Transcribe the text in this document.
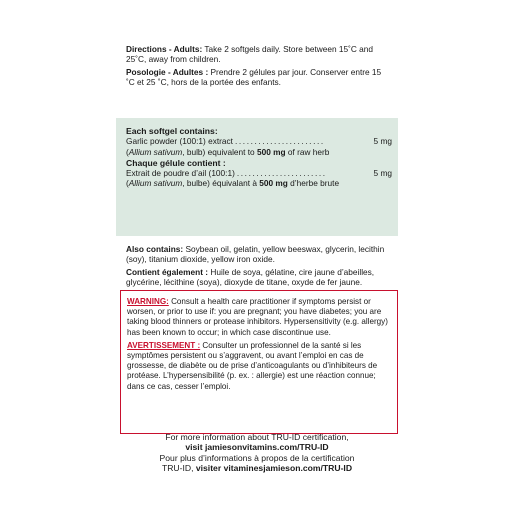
Directions - Adults: Take 2 softgels daily. Store between 15˚C and 25˚C, away from children.

Posologie - Adultes : Prendre 2 gélules par jour. Conserver entre 15 ˚C et 25 ˚C, hors de la portée des enfants.

Each softgel contains:
Garlic powder (100:1) extract .......................	5 mg
(Allium sativum, bulb) equivalent to 500 mg of raw herb
Chaque gélule contient :
Extrait de poudre d’ail (100:1) .......................	5 mg
(Allium sativum, bulbe) équivalant à 500 mg d’herbe brute

Also contains: Soybean oil, gelatin, yellow beeswax, glycerin, lecithin (soy), titanium dioxide, yellow iron oxide.

Contient également : Huile de soya, gélatine, cire jaune d’abeilles, glycérine, lécithine (soya), dioxyde de titane, oxyde de fer jaune.

WARNING: Consult a health care practitioner if symptoms persist or worsen, or prior to use if: you are pregnant; you have diabetes; you are taking blood thinners or protease inhibitors. Hypersensitivity (e.g. allergy) has been known to occur; in which case discontinue use.

AVERTISSEMENT : Consulter un professionnel de la santé si les symptômes persistent ou s’aggravent, ou avant l’emploi en cas de grossesse, de diabète ou de prise d’anticoagulants ou d’inhibiteurs de protéase. L’hypersensibilité (p. ex. : allergie) est une réaction connue; dans ce cas, cesser l’emploi.

For more information about TRU-ID certification,
visit jamiesonvitamins.com/TRU-ID
Pour plus d’informations à propos de la certification
TRU-ID, visiter vitaminesjamieson.com/TRU-ID
